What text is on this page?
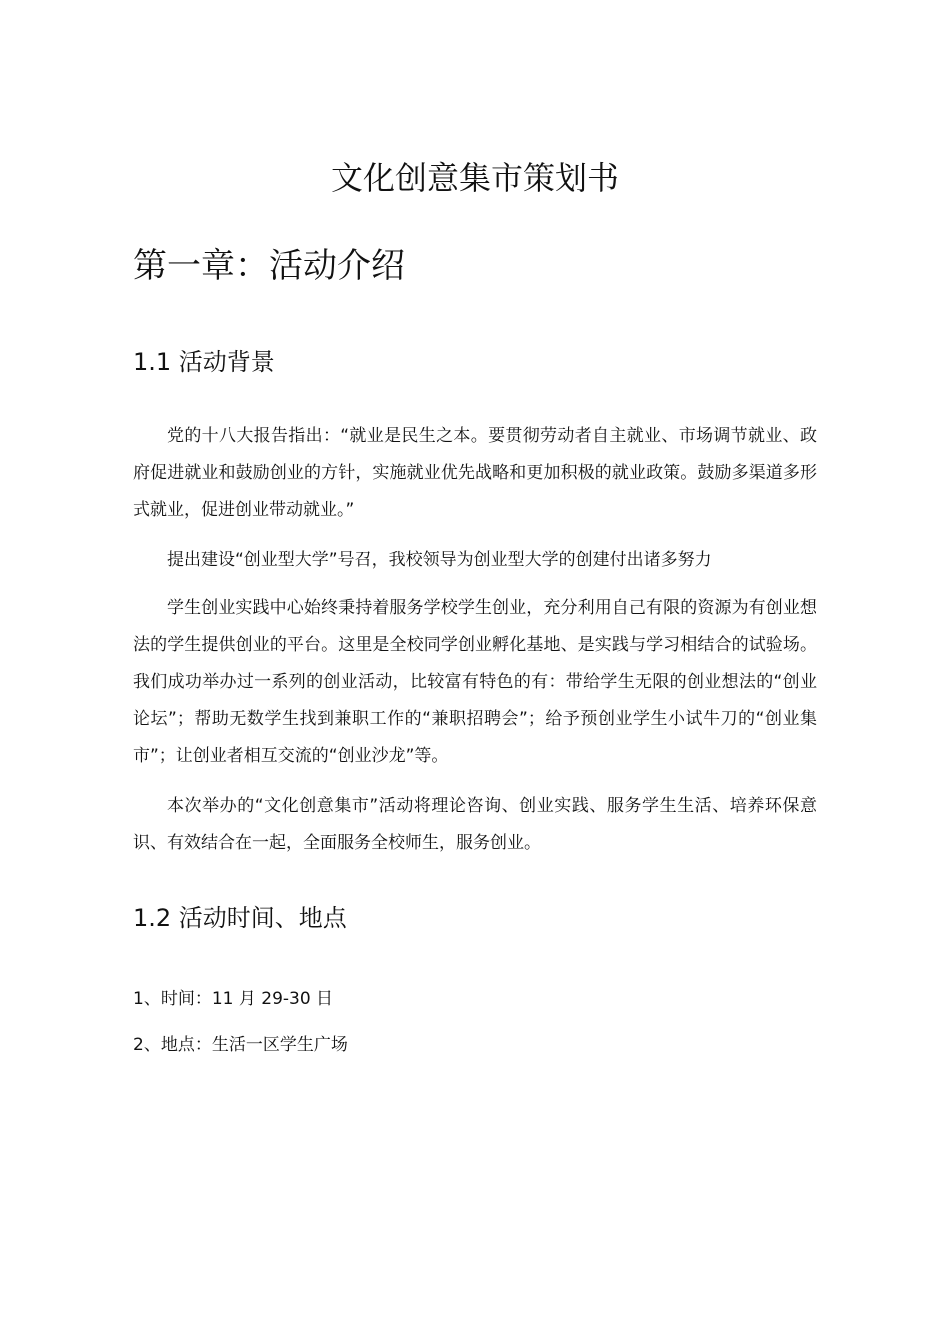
文化创意集市策划书
第一章：活动介绍
1.1 活动背景

党的十八大报告指出：“就业是民生之本。要贯彻劳动者自主就业、市场调节就业、政府促进就业和鼓励创业的方针，实施就业优先战略和更加积极的就业政策。鼓励多渠道多形式就业，促进创业带动就业。”

提出建设“创业型大学”号召，我校领导为创业型大学的创建付出诸多努力

学生创业实践中心始终秉持着服务学校学生创业，充分利用自己有限的资源为有创业想法的学生提供创业的平台。这里是全校同学创业孵化基地、是实践与学习相结合的试验场。我们成功举办过一系列的创业活动，比较富有特色的有：带给学生无限的创业想法的“创业论坛”；帮助无数学生找到兼职工作的“兼职招聘会”；给予预创业学生小试牛刀的“创业集市”；让创业者相互交流的“创业沙龙”等。

本次举办的“文化创意集市”活动将理论咨询、创业实践、服务学生生活、培养环保意识、有效结合在一起，全面服务全校师生，服务创业。

1.2 活动时间、地点

1、时间：11 月 29-30 日

2、地点：生活一区学生广场
